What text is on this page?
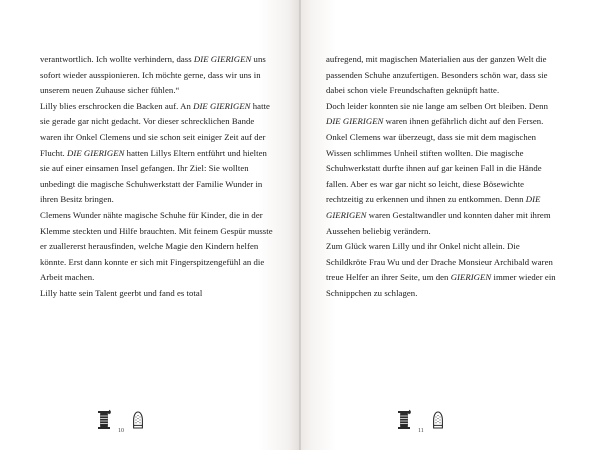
verantwortlich. Ich wollte verhindern, dass DIE GIERIGEN uns sofort wieder ausspionieren. Ich möchte gerne, dass wir uns in unserem neuen Zuhause sicher fühlen.“

Lilly blies erschrocken die Backen auf. An DIE GIERIGEN hatte sie gerade gar nicht gedacht. Vor dieser schrecklichen Bande waren ihr Onkel Clemens und sie schon seit einiger Zeit auf der Flucht. DIE GIERIGEN hatten Lillys Eltern entführt und hielten sie auf einer einsamen Insel gefangen. Ihr Ziel: Sie wollten unbedingt die magische Schuhwerkstatt der Familie Wunder in ihren Besitz bringen.

Clemens Wunder nähte magische Schuhe für Kinder, die in der Klemme steckten und Hilfe brauchten. Mit feinem Gespür musste er zuallererst herausfinden, welche Magie den Kindern helfen könnte. Erst dann konnte er sich mit Fingerspitzengefühl an die Arbeit machen.

Lilly hatte sein Talent geerbt und fand es total

aufregend, mit magischen Materialien aus der ganzen Welt die passenden Schuhe anzufertigen. Besonders schön war, dass sie dabei schon viele Freundschaften geknüpft hatte.

Doch leider konnten sie nie lange am selben Ort bleiben. Denn DIE GIERIGEN waren ihnen gefährlich dicht auf den Fersen. Onkel Clemens war überzeugt, dass sie mit dem magischen Wissen schlimmes Unheil stiften wollten. Die magische Schuhwerkstatt durfte ihnen auf gar keinen Fall in die Hände fallen. Aber es war gar nicht so leicht, diese Bösewichte rechtzeitig zu erkennen und ihnen zu entkommen. Denn DIE GIERIGEN waren Gestaltwandler und konnten daher mit ihrem Aussehen beliebig verändern.

Zum Glück waren Lilly und ihr Onkel nicht allein. Die Schildkröte Frau Wu und der Drache Monsieur Archibald waren treue Helfer an ihrer Seite, um den GIERIGEN immer wieder ein Schnippchen zu schlagen.

10	11
